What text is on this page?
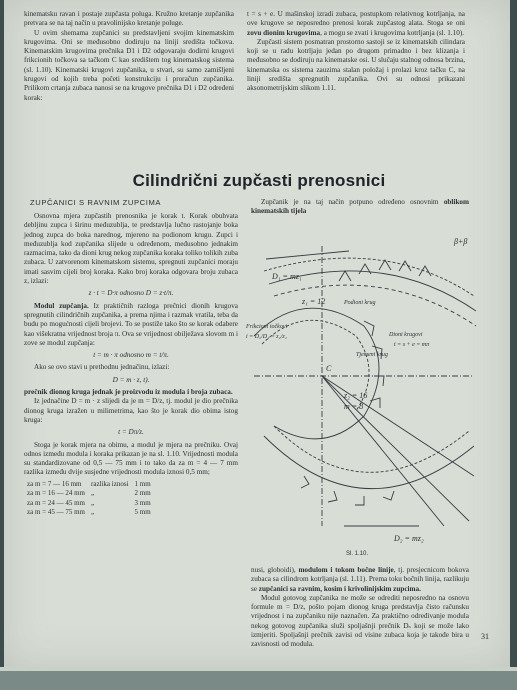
kinematsku ravan i postaje zupčasta poluga. Kružno kretanje zupčanika pretvara se na taj način u pravolinijsko kretanje poluge.

U ovim shemama zupčanici su predstavljeni svojim kinematskim krugovima. Oni se međusobno dodiruju na liniji središta točkova. Kinematskim krugovima prečnika D1 i D2 odgovaraju dodirni krugovi frikcionih točkova sa tačkom C kao središtem tog kinematskog sistema (sl. 1.10). Kinematski krugovi zupčanika, u stvari, su samo zamišljeni krugovi od kojih treba početi konstrukciju i proračun zupčanika. Prilikom crtanja zubaca nanosi se na krugove prečnika D1 i D2 određeni korak:

t = s + e. U mašinskoj izradi zubaca, postupkom relativnog kotrljanja, na ove krugove se neposredno prenosi korak zupčastog alata. Stoga se oni zovu dionim krugovima, a mogu se zvati i krugovima kotrljanja (sl. 1.10).

Zupčasti sistem posmatran prostorno sastoji se iz kinematskih cilindara koji se u radu kotrljaju jedan po drugom primadno i bez klizanja i međusobno se dodiruju na kinematske osi. U slučaju stalnog odnosa brzina, kinematska os sistema zauzima stalan položaj i prolazi kroz tačku C, na liniji središta spregnutih zupčanika. Ovi su odnosi prikazani aksonometrijskim slikom 1.11.

Cilindrični zupčasti prenosnici
ZUPČANICI S RAVNIM ZUPCIMA

Osnovna mjera zupčastih prenosnika je korak t. Korak obuhvata debljinu zupca i širinu međuzublja, te predstavlja lučno rastojanje boka jednog zupca do boka narednog, mjereno na podionom krugu. Zupci i međuzublja kod zupčanika slijede u određenom, međusobno jednakim razmacima, tako da dioni krug nekog zupčanika koraka toliko tolikih zuba zubaca. U zatvorenom kinematskom sistemu, spregnuti zupčanici moraju imati sasvim cijeli broj koraka. Kako broj koraka odgovara broju zubaca z, izlazi:

z · t = D·π odnosno D = z·t/π.

Modul zupčanja. Iz praktičnih razloga prečnici dionih krugova spregnutih cilindričnih zupčanika, a prema njima i razmak vratila, teba da budu po mogućnosti cijeli brojevi. To se postiže tako što se korak odabere kao višekratna vrijednost broja π. Ova se vrijednost obilježava slovom m i zove se modul zupčanja:

t = m · π odnosno m = t/π.

Ako se ovo stavi u prethodnu jednačinu, izlazi:

D = m · z, t).

prečnik dionog kruga jednak je proizvodu iz modula i broja zubaca.

Iz jednačine D = m · z slijedi da je m = D/z, tj. modul je dio prečnika dionog kruga izražen u milimetrima, kao što je korak dio obima istog kruga:

t = Dπ/z.

Stoga je korak mjera na obimu, a modul je mjera na prečniku. Ovaj odnos između modula i koraka prikazan je na sl. 1.10. Vrijednosti modula su standardizovane od 0,5 — 75 mm i to tako da za m = 4 — 7 mm razlika između dvije susjedne vrijednosti modula iznosi 0,5 mm;

za m = 7 — 16 mm	razlika iznosi	1 mm
za m = 16 — 24 mm	„	2 mm
za m = 24 — 45 mm	„	3 mm
za m = 45 — 75 mm	„	5 mm

Zupčanik je na taj način potpuno određeno osnovnim oblikom kinematskih tijela

β+β
D₁ = mz₁
z₁ = 12	Podioni krug
Frikcioni točkovi
i = D₂/D₁ = z₂/z₁
C
Dioni krugovi
t = s + e = mπ
Tjemeni krug
z₂ = 16
m = 8
D₂ = mz₂
Sl. 1.10.

nusi, globoidi), modulom i tokom bočne linije, tj. presjecnicom bokova zubaca sa cilindrom kotrljanja (sl. 1.11). Prema toku bočnih linija, razlikuju se zupčanici sa ravnim, kosim i krivolinijskim zupcima.

Modul gotovog zupčanika ne može se odrediti neposredno na osnovu formule m = D/z, pošto pojam dionog kruga predstavlja čisto računsku vrijednost i na zupčaniku nije naznačen. Za praktično određivanje modula nekog gotovog zupčanika služi spoljašnji prečnik Dₛ koji se može lako izmjeriti. Spoljašnji prečnik zavisi od visine zubaca koja je takođe bira u zavisnosti od modula.

31
